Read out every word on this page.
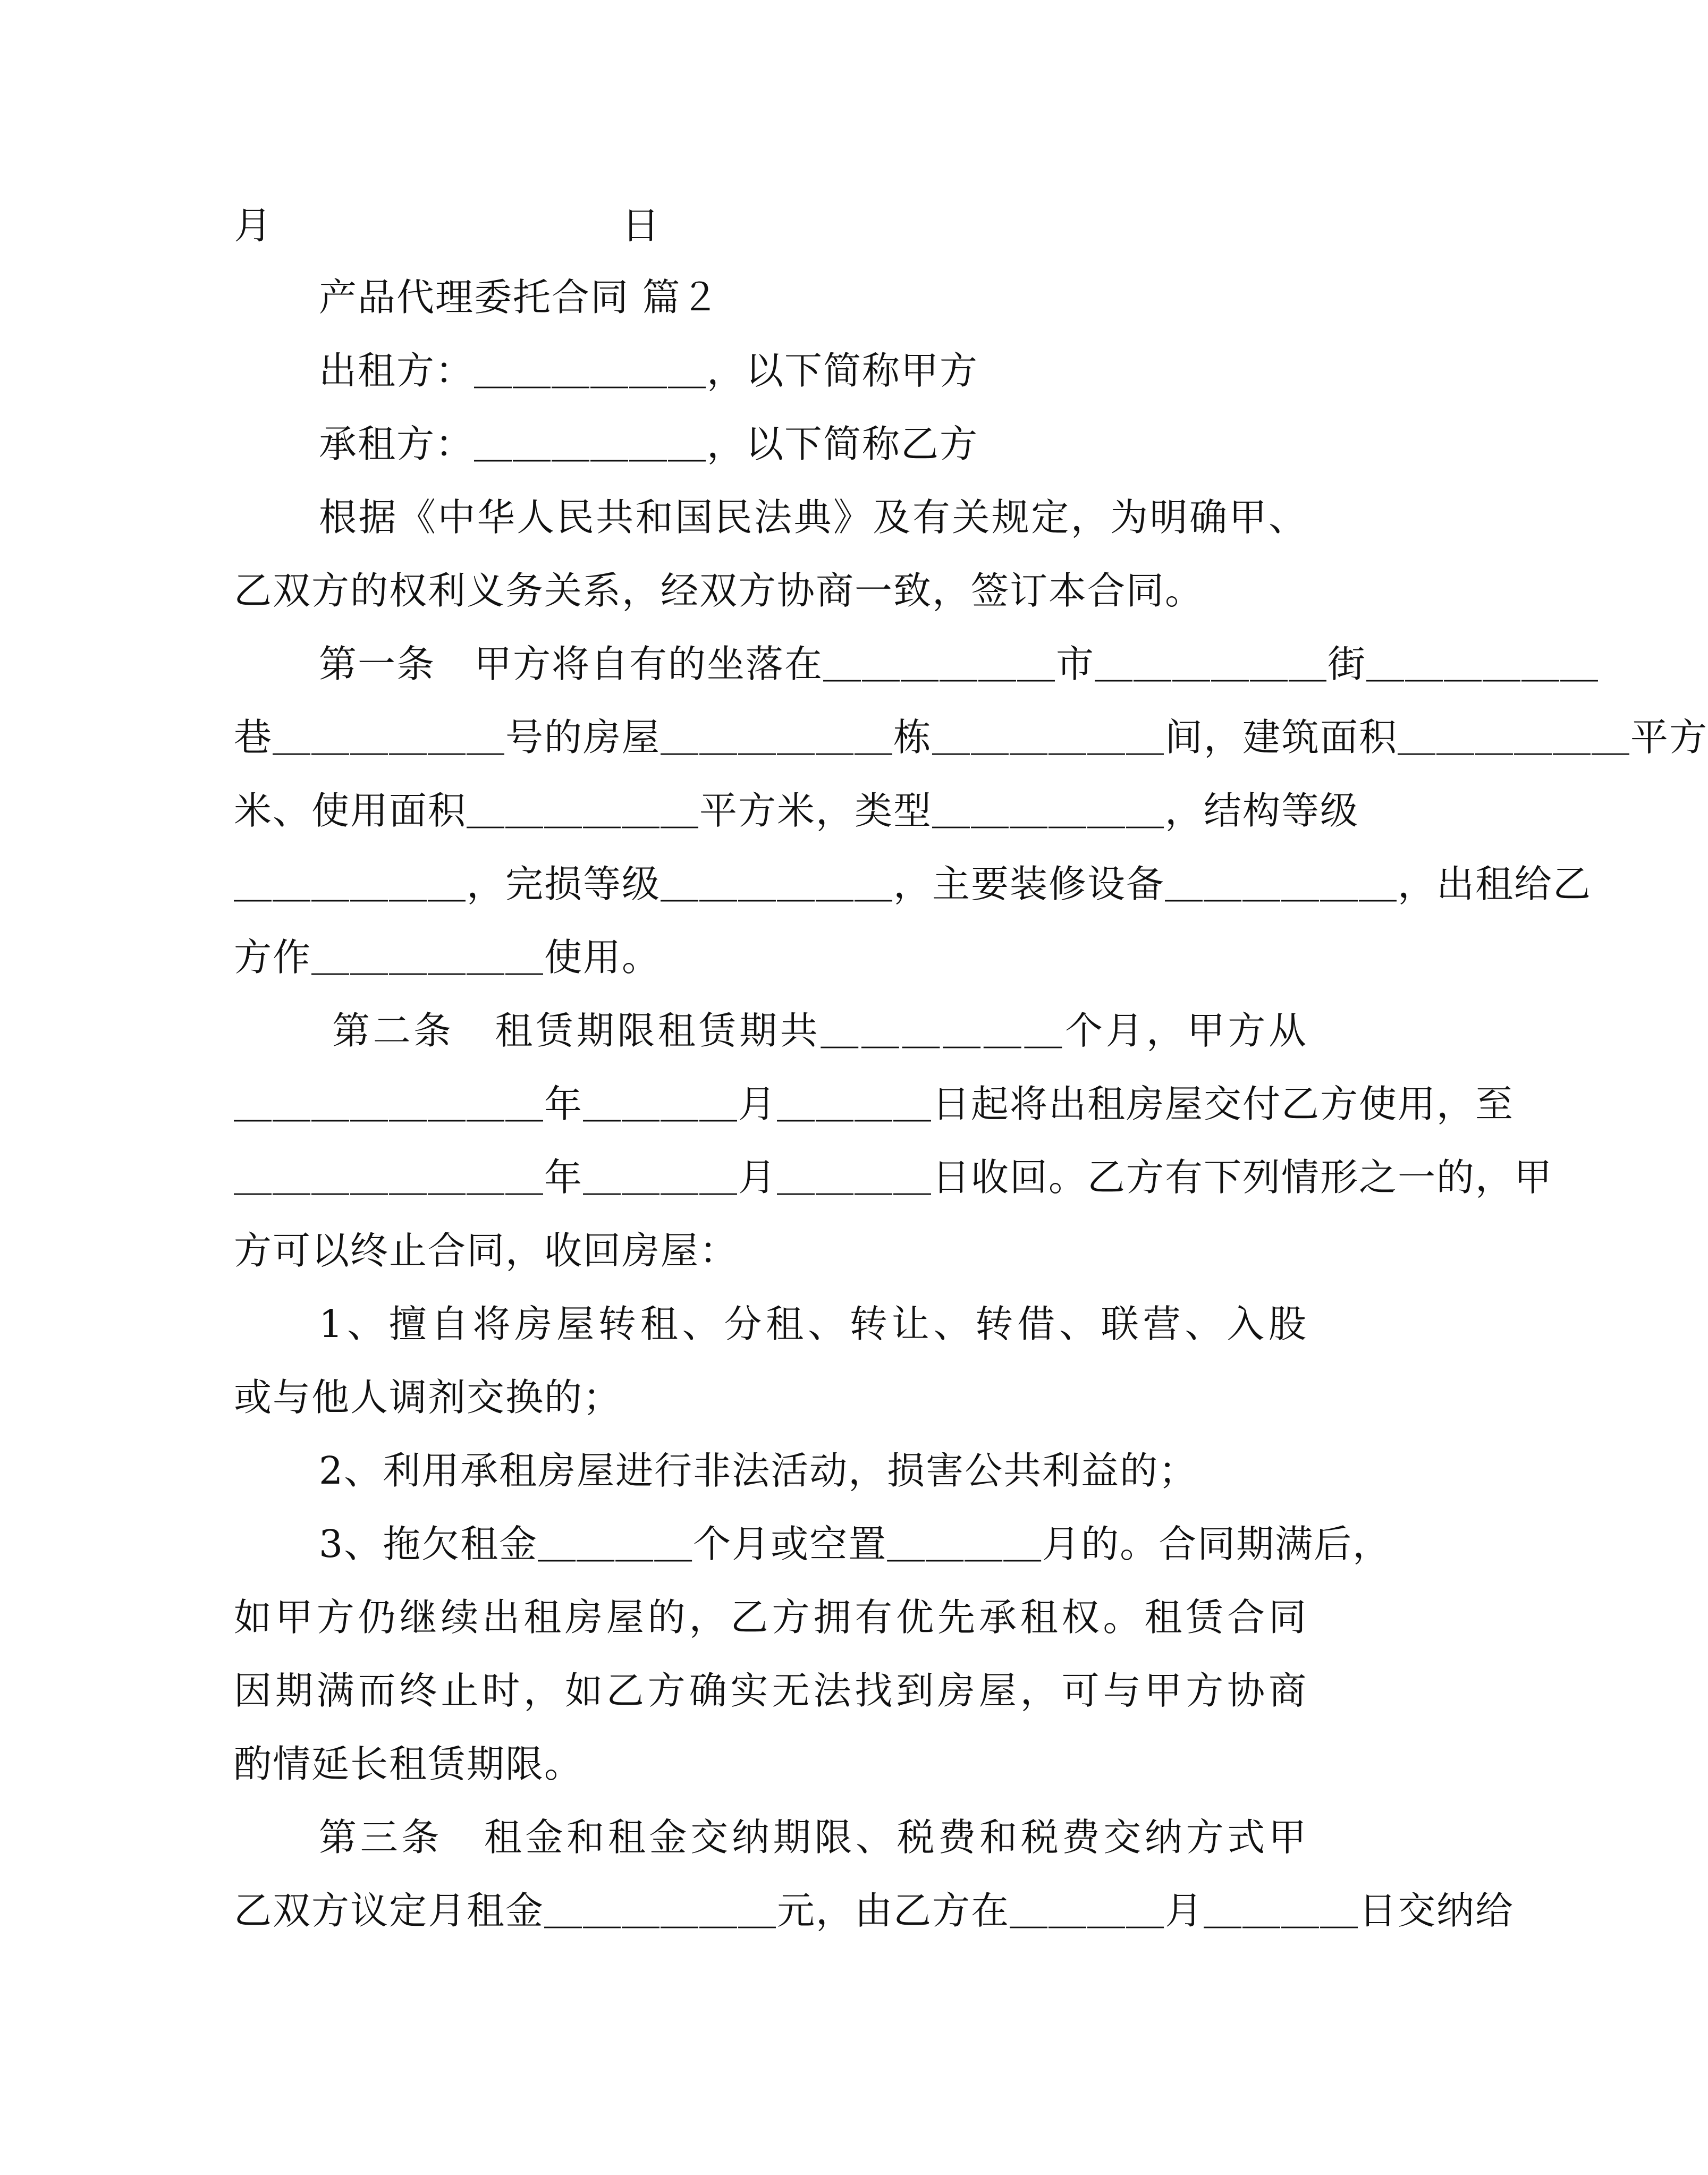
月　　　　　　　　　日
产品代理委托合同 篇２
出租方：＿＿＿＿＿＿，以下简称甲方
承租方：＿＿＿＿＿＿，以下简称乙方
根据《中华人民共和国民法典》及有关规定，为明确甲、
乙双方的权利义务关系，经双方协商一致，签订本合同。
第一条　甲方将自有的坐落在＿＿＿＿＿＿市＿＿＿＿＿＿街＿＿＿＿＿＿
巷＿＿＿＿＿＿号的房屋＿＿＿＿＿＿栋＿＿＿＿＿＿间，建筑面积＿＿＿＿＿＿平方
米、使用面积＿＿＿＿＿＿平方米，类型＿＿＿＿＿＿，结构等级
＿＿＿＿＿＿，完损等级＿＿＿＿＿＿，主要装修设备＿＿＿＿＿＿，出租给乙
方作＿＿＿＿＿＿使用。
第二条　租赁期限租赁期共＿＿＿＿＿＿个月，甲方从
＿＿＿＿＿＿＿＿年＿＿＿＿月＿＿＿＿日起将出租房屋交付乙方使用，至
＿＿＿＿＿＿＿＿年＿＿＿＿月＿＿＿＿日收回。乙方有下列情形之一的，甲
方可以终止合同，收回房屋：
1、擅自将房屋转租、分租、转让、转借、联营、入股
或与他人调剂交换的；
2、利用承租房屋进行非法活动，损害公共利益的；
3、拖欠租金＿＿＿＿个月或空置＿＿＿＿月的。合同期满后，
如甲方仍继续出租房屋的，乙方拥有优先承租权。租赁合同
因期满而终止时，如乙方确实无法找到房屋，可与甲方协商
酌情延长租赁期限。
第三条　租金和租金交纳期限、税费和税费交纳方式甲
乙双方议定月租金＿＿＿＿＿＿元，由乙方在＿＿＿＿月＿＿＿＿日交纳给
